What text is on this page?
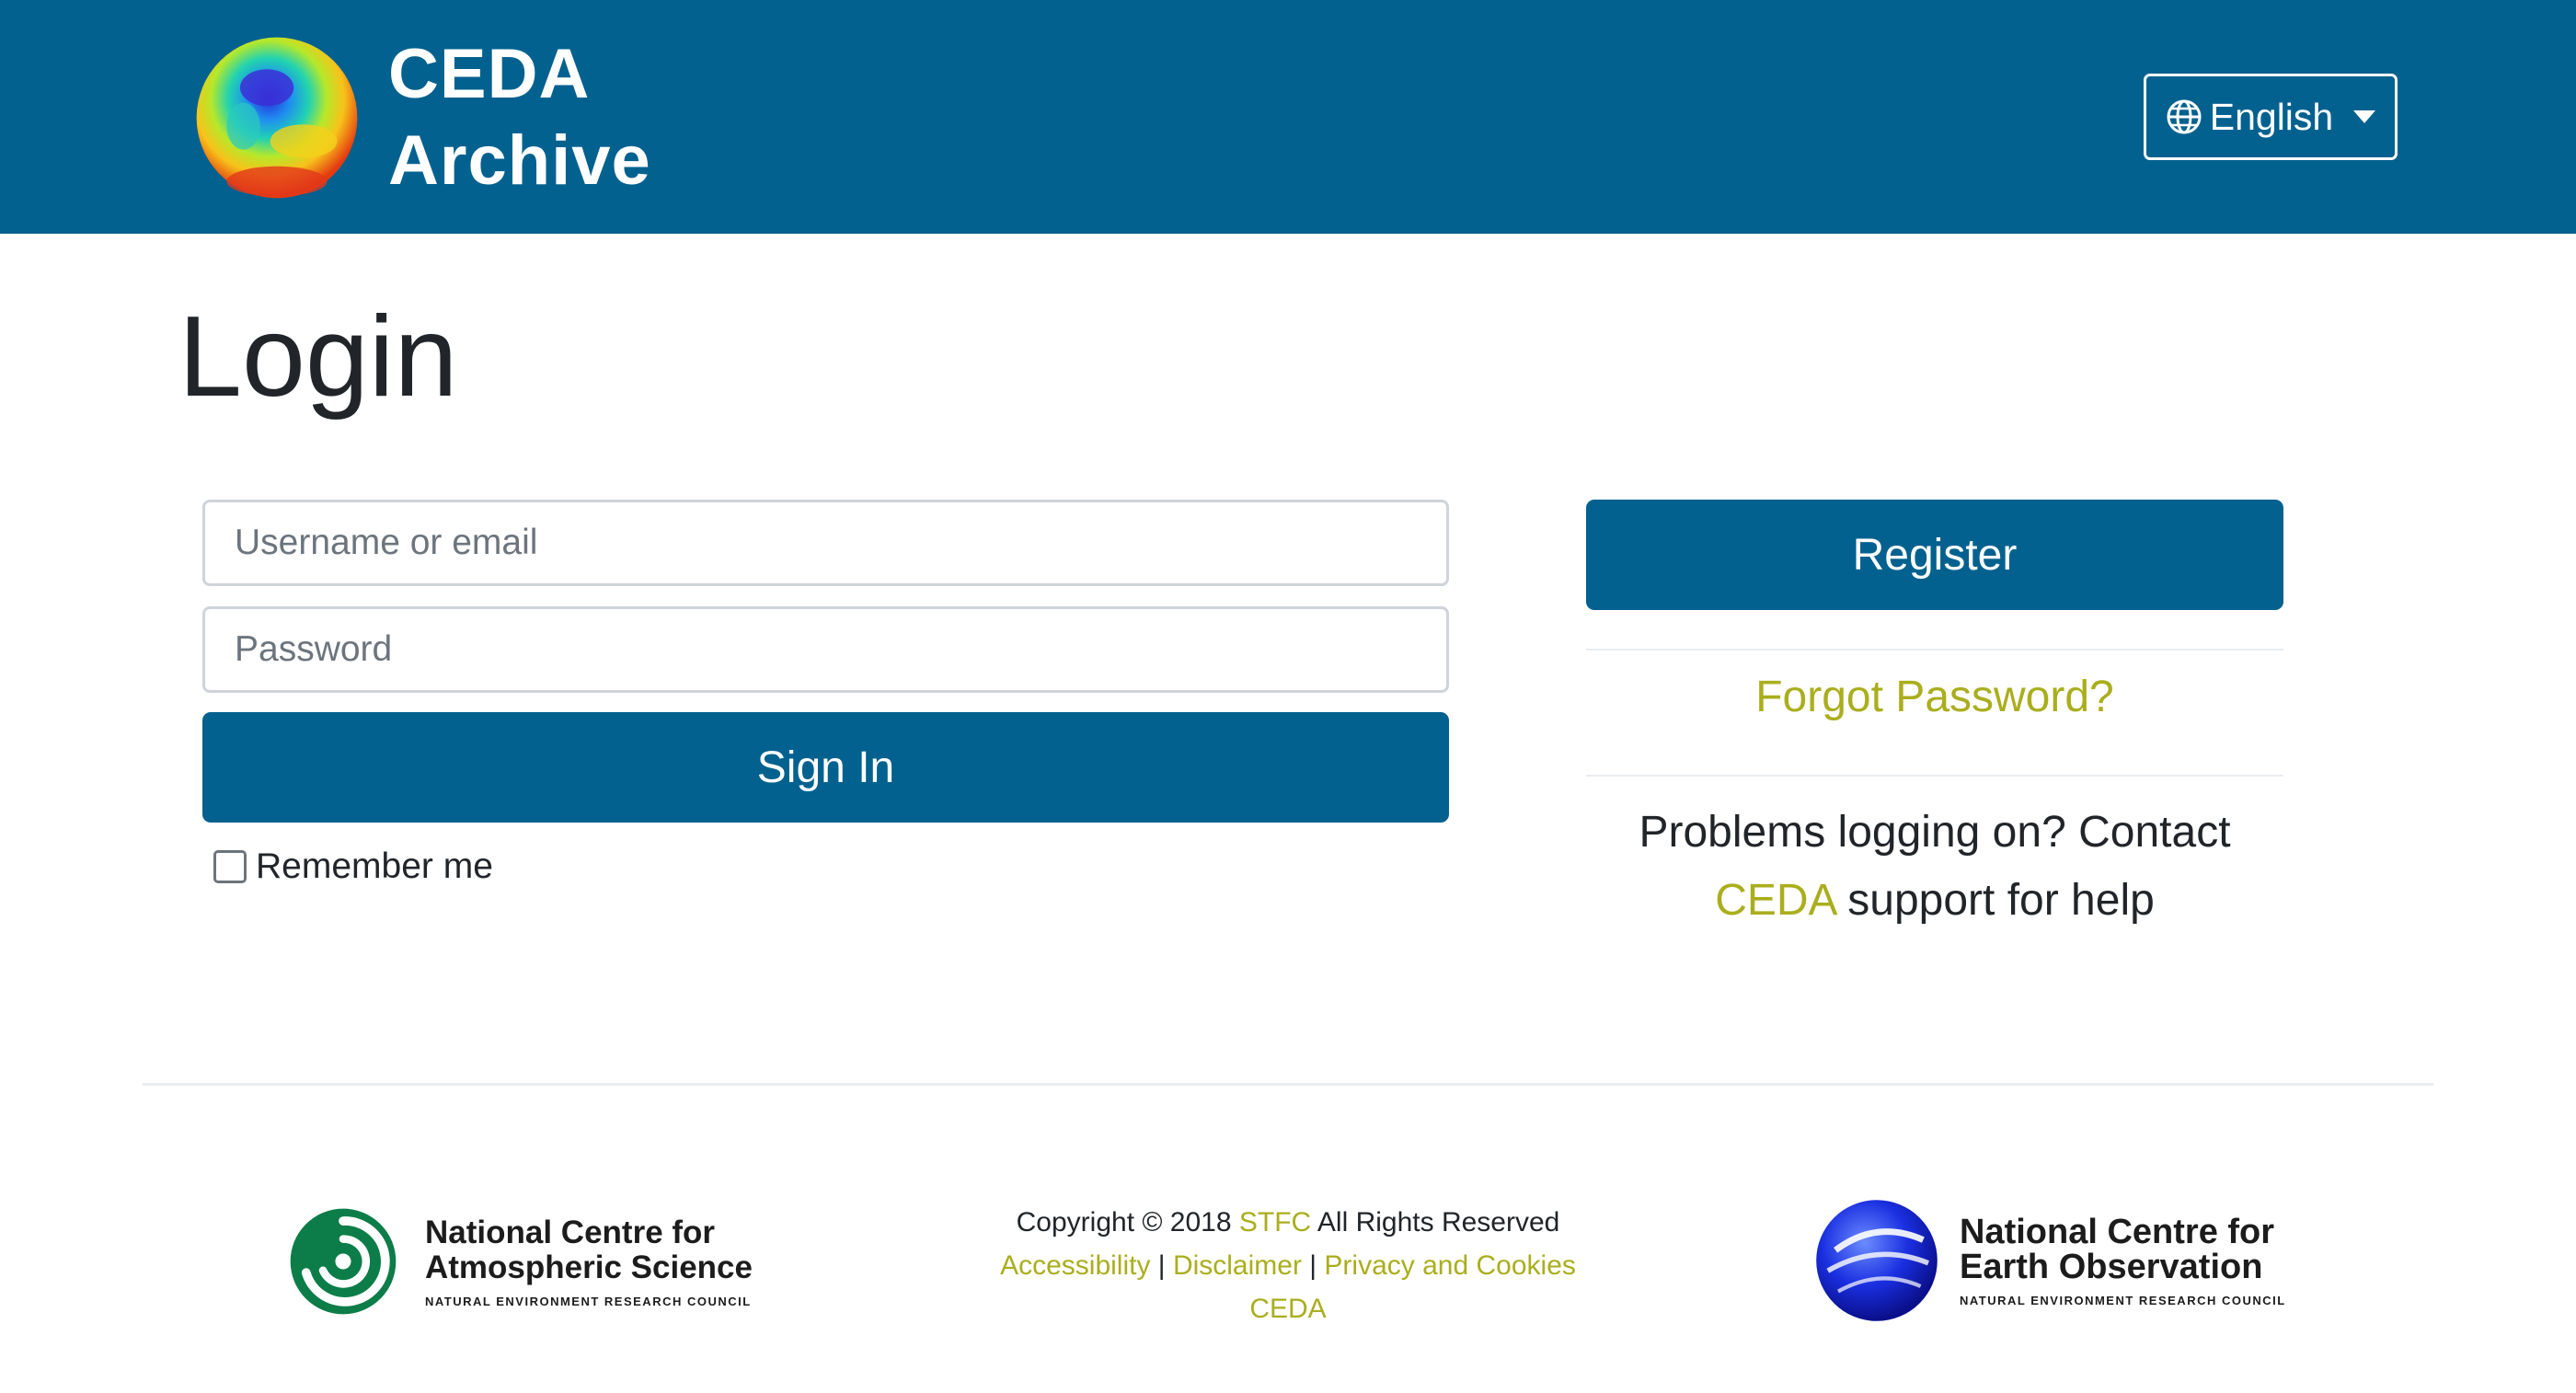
CEDA
Archive
English
Login
Username or email
Sign In
Remember me
Register
Forgot Password?
Problems logging on? Contact
CEDA support for help
National Centre for
Atmospheric Science
NATURAL ENVIRONMENT RESEARCH COUNCIL
Copyright © 2018 STFC All Rights Reserved
Accessibility | Disclaimer | Privacy and Cookies
CEDA
National Centre for
Earth Observation
NATURAL ENVIRONMENT RESEARCH COUNCIL
